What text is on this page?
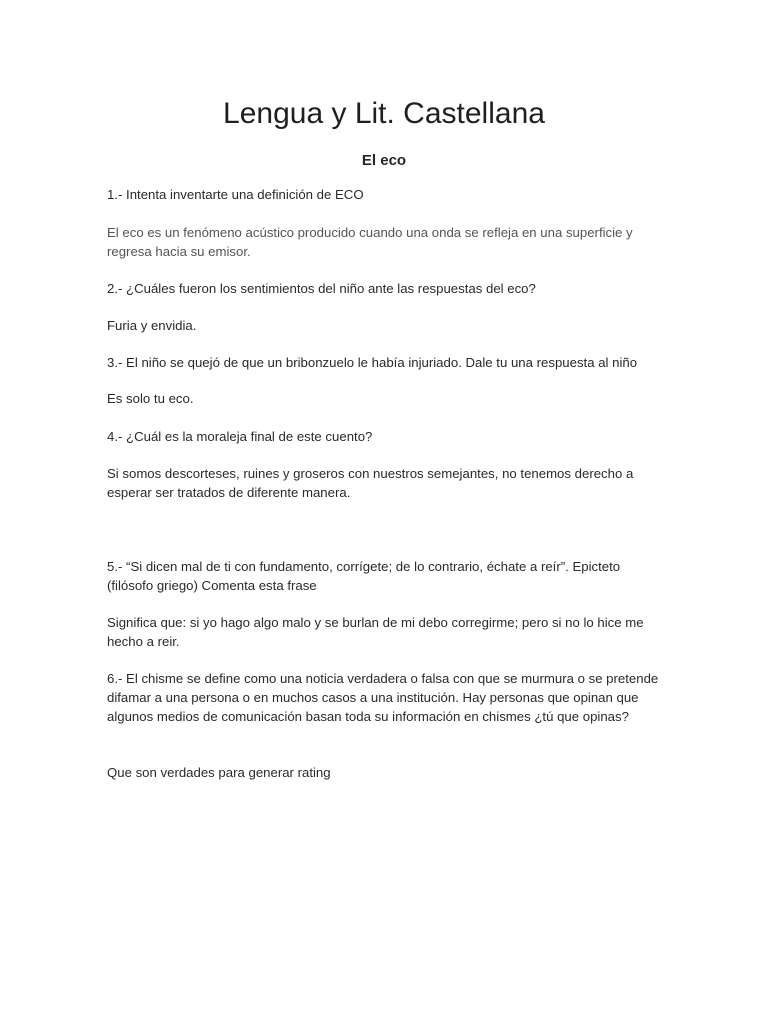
Lengua y Lit. Castellana
El eco

1.- Intenta inventarte una definición de ECO

El eco es un fenómeno acústico producido cuando una onda se refleja en una superficie y regresa hacia su emisor.

2.- ¿Cuáles fueron los sentimientos del niño ante las respuestas del eco?

Furia y envidia.

3.- El niño se quejó de que un bribonzuelo le había injuriado. Dale tu una respuesta al niño

Es solo tu eco.

4.- ¿Cuál es la moraleja final de este cuento?

Si somos descorteses, ruines y groseros con nuestros semejantes, no tenemos derecho a esperar ser tratados de diferente manera.

5.- “Si dicen mal de ti con fundamento, corrígete; de lo contrario, échate a reír”. Epicteto (filósofo griego) Comenta esta frase

Significa que: si yo hago algo malo y se burlan de mi debo corregirme; pero si no lo hice me hecho a reir.

6.- El chisme se define como una noticia verdadera o falsa con que se murmura o se pretende difamar a una persona o en muchos casos a una institución. Hay personas que opinan que algunos medios de comunicación basan toda su información en chismes ¿tú que opinas?

Que son verdades para generar rating
